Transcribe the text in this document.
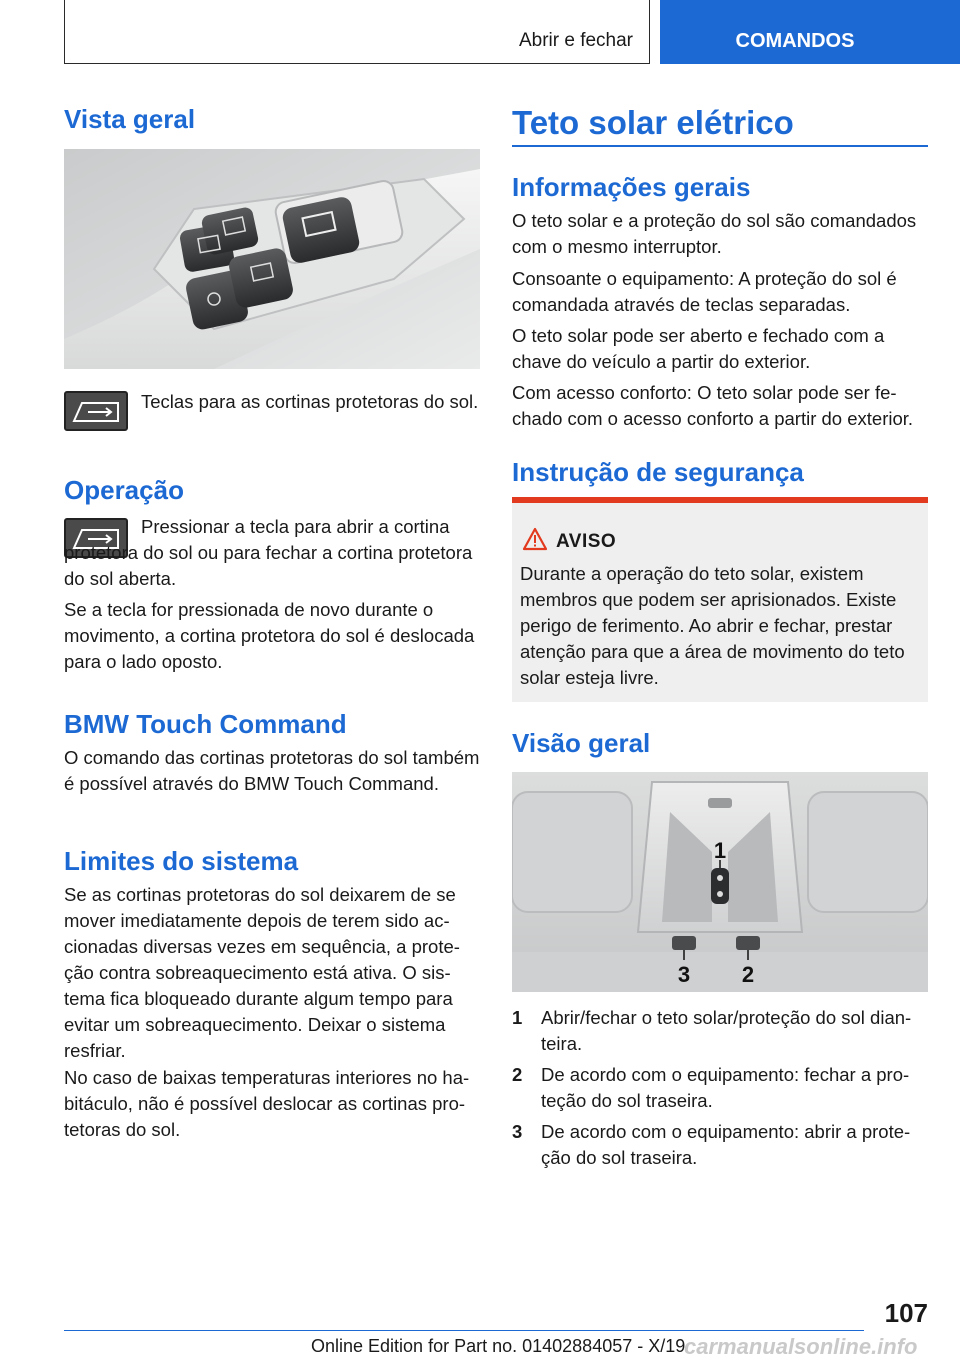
Abrir e fechar	COMANDOS
Vista geral

Teclas para as cortinas protetoras do sol.

Operação

Pressionar a tecla para abrir a cortina protetora do sol ou para fechar a cortina protetora do sol aberta.

Se a tecla for pressionada de novo durante o movimento, a cortina protetora do sol é deslocada para o lado oposto.

BMW Touch Command

O comando das cortinas protetoras do sol também é possível através do BMW Touch Command.

Limites do sistema

Se as cortinas protetoras do sol deixarem de se mover imediatamente depois de terem sido accionadas diversas vezes em sequência, a proteção contra sobreaquecimento está ativa. O sistema fica bloqueado durante algum tempo para evitar um sobreaquecimento. Deixar o sistema resfriar.

No caso de baixas temperaturas interiores no habitáculo, não é possível deslocar as cortinas protetoras do sol.

Teto solar elétrico
Informações gerais

O teto solar e a proteção do sol são comandados com o mesmo interruptor.

Consoante o equipamento: A proteção do sol é comandada através de teclas separadas.

O teto solar pode ser aberto e fechado com a chave do veículo a partir do exterior.

Com acesso conforto: O teto solar pode ser fechado com o acesso conforto a partir do exterior.

Instrução de segurança
AVISO

Durante a operação do teto solar, existem membros que podem ser aprisionados. Existe perigo de ferimento. Ao abrir e fechar, prestar atenção para que a área de movimento do teto solar esteja livre.

Visão geral
1
2
3
1 Abrir/fechar o teto solar/proteção do sol dianteira.
2 De acordo com o equipamento: fechar a proteção do sol traseira.
3 De acordo com o equipamento: abrir a proteção do sol traseira.
107
Online Edition for Part no. 01402884057 - X/19
carmanualsonline.info
